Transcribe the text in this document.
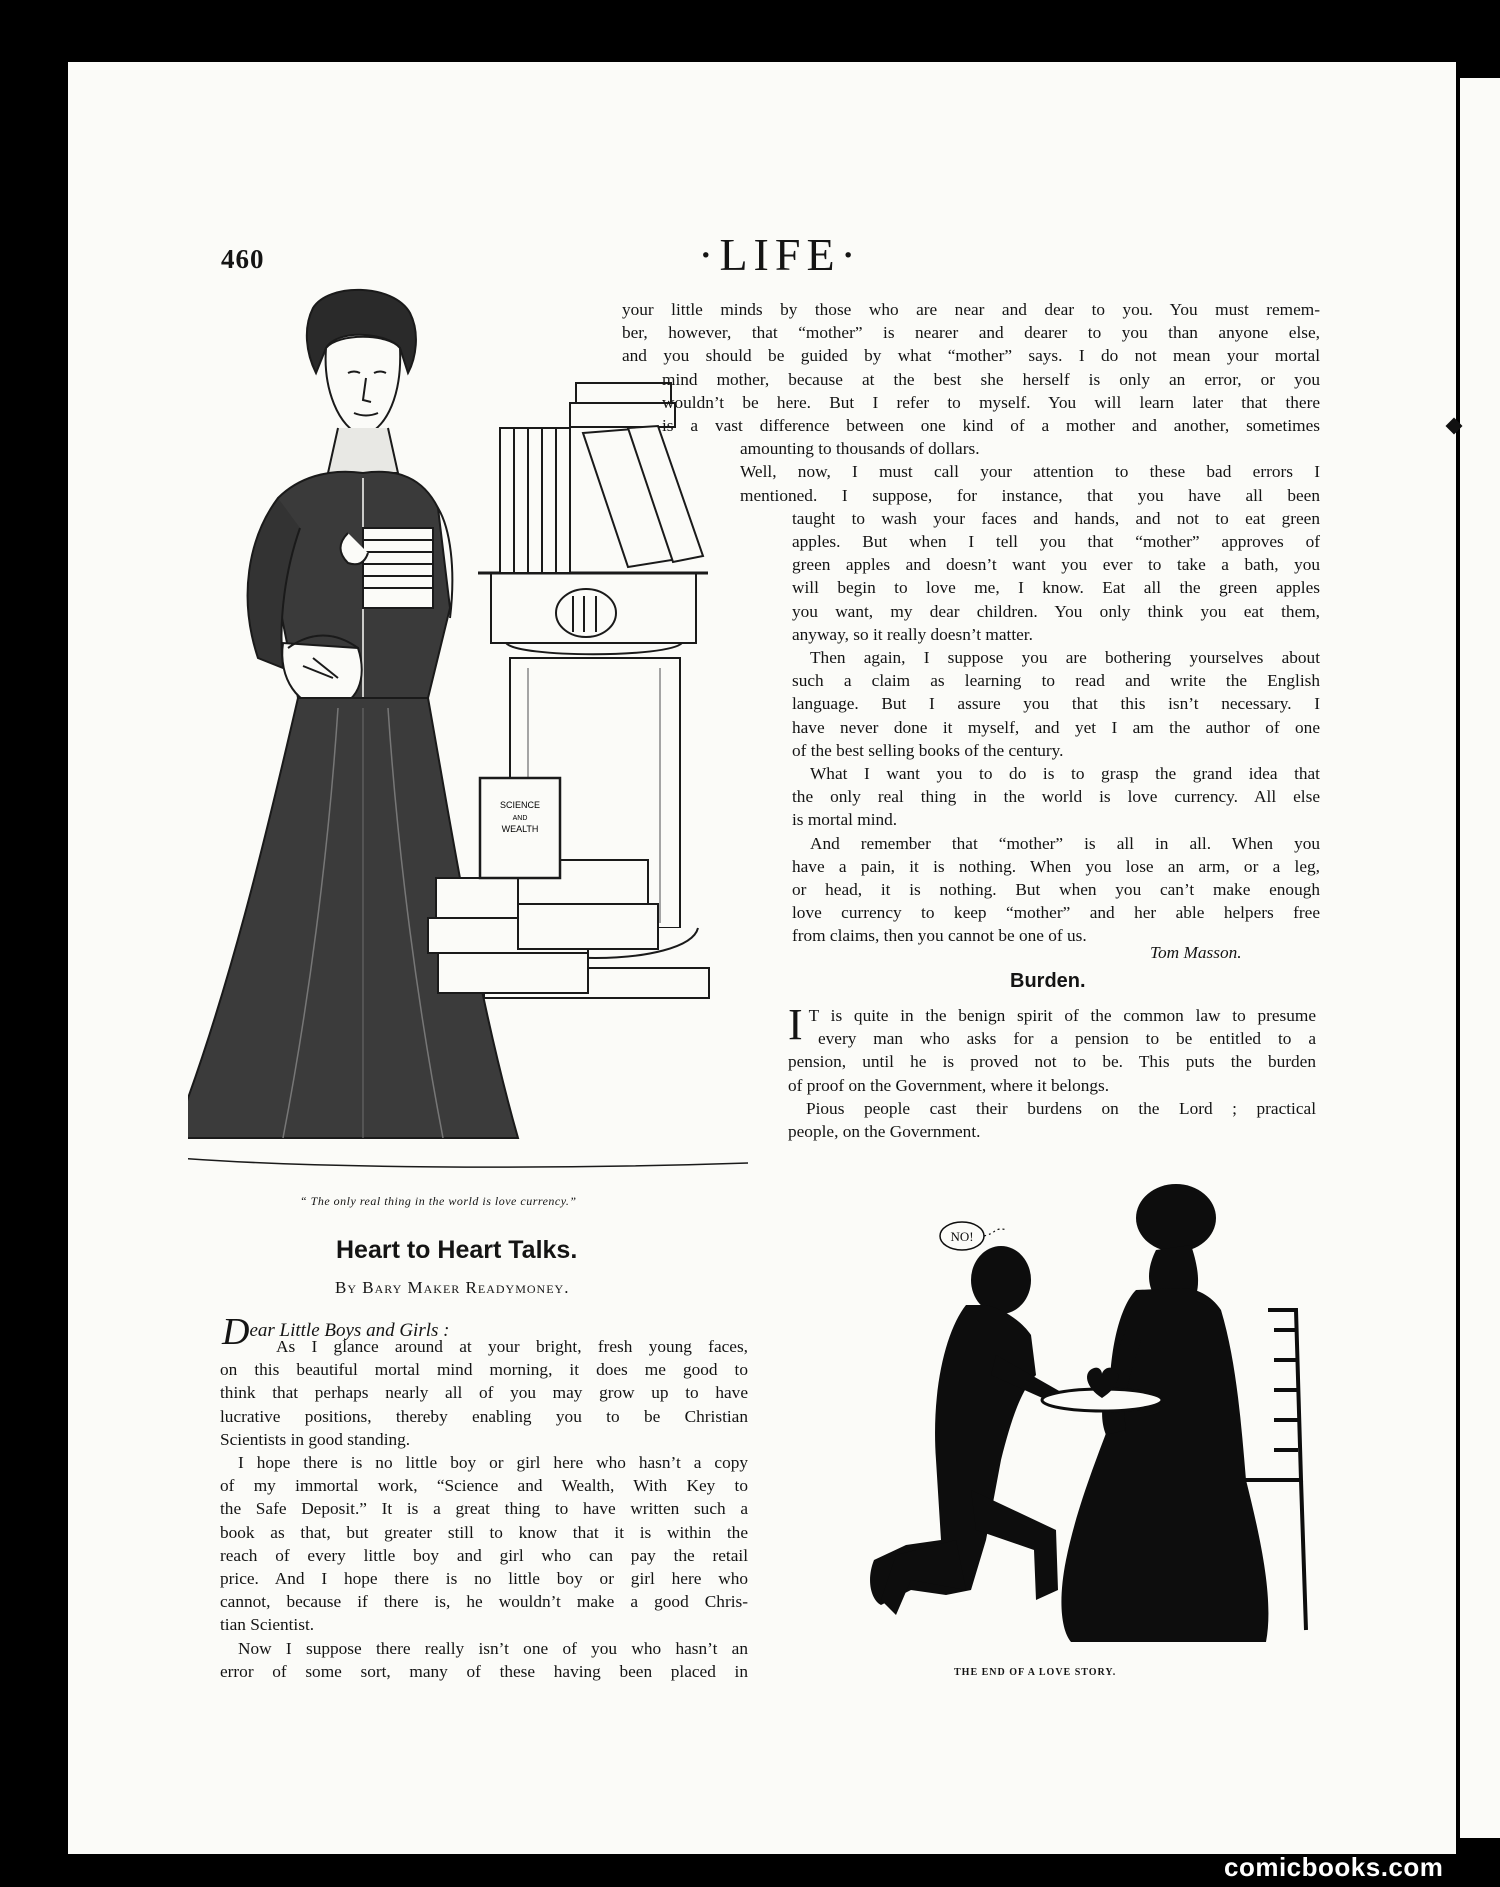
460	·LIFE·
SCIENCE
AND
WEALTH
“ The only real thing in the world is love currency.”
your little minds by those who are near and dear to you. You must remem-
ber, however, that “mother” is nearer and dearer to you than anyone else,
and you should be guided by what “mother” says. I do not mean your mortal
mind mother, because at the best she herself is only an error, or you
wouldn’t be here. But I refer to myself. You will learn later that there
is a vast difference between one kind of a mother and another, sometimes
amounting to thousands of dollars.
Well, now, I must call your attention to these bad errors I
mentioned. I suppose, for instance, that you have all been
taught to wash your faces and hands, and not to eat green
apples. But when I tell you that “mother” approves of
green apples and doesn’t want you ever to take a bath, you
will begin to love me, I know. Eat all the green apples
you want, my dear children. You only think you eat them,
anyway, so it really doesn’t matter.
Then again, I suppose you are bothering yourselves about
such a claim as learning to read and write the English
language. But I assure you that this isn’t necessary. I
have never done it myself, and yet I am the author of one
of the best selling books of the century.
What I want you to do is to grasp the grand idea that
the only real thing in the world is love currency. All else
is mortal mind.
And remember that “mother” is all in all. When you
have a pain, it is nothing. When you lose an arm, or a leg,
or head, it is nothing. But when you can’t make enough
love currency to keep “mother” and her able helpers free
from claims, then you cannot be one of us.
Tom Masson.
Burden.
I T is quite in the benign spirit of the common law to presume
every man who asks for a pension to be entitled to a
pension, until he is proved not to be. This puts the burden
of proof on the Government, where it belongs.
Pious people cast their burdens on the Lord ; practical
people, on the Government.
Heart to Heart Talks.
By Bary Maker Readymoney.
Dear Little Boys and Girls :
As I glance around at your bright, fresh young faces,
on this beautiful mortal mind morning, it does me good to
think that perhaps nearly all of you may grow up to have
lucrative positions, thereby enabling you to be Christian
Scientists in good standing.
I hope there is no little boy or girl here who hasn’t a copy
of my immortal work, “Science and Wealth, With Key to
the Safe Deposit.” It is a great thing to have written such a
book as that, but greater still to know that it is within the
reach of every little boy and girl who can pay the retail
price. And I hope there is no little boy or girl here who
cannot, because if there is, he wouldn’t make a good Chris-
tian Scientist.
Now I suppose there really isn’t one of you who hasn’t an
error of some sort, many of these having been placed in
NO!
THE END OF A LOVE STORY.
comicbooks.com
